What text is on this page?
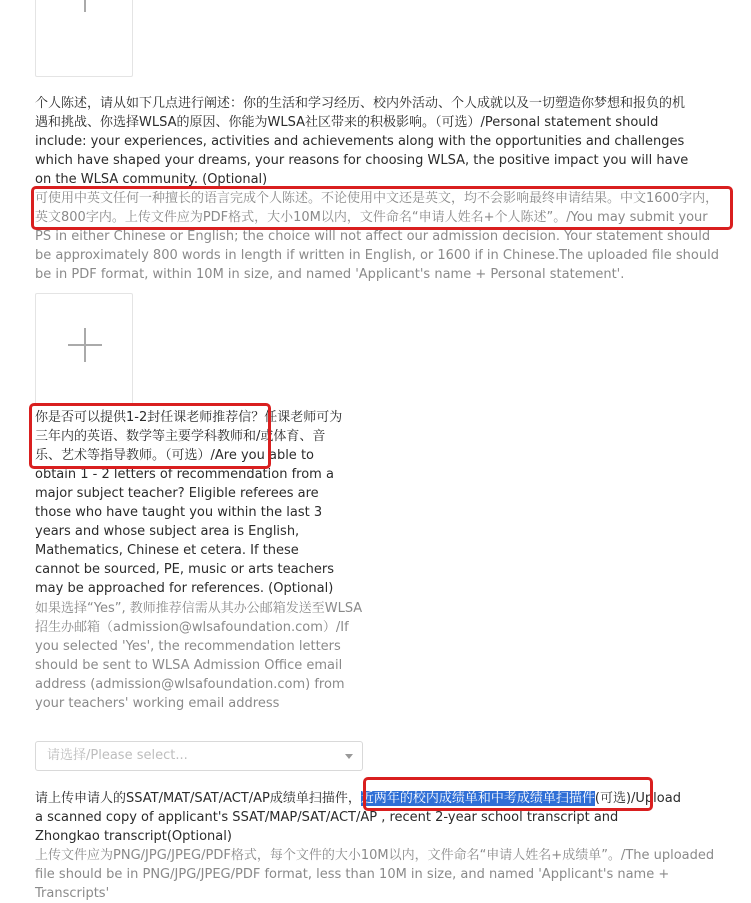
个人陈述，请从如下几点进行阐述：你的生活和学习经历、校内外活动、个人成就以及一切塑造你梦想和报负的机遇和挑战、你选择WLSA的原因、你能为WLSA社区带来的积极影响。（可选）/Personal statement should include: your experiences, activities and achievements along with the opportunities and challenges which have shaped your dreams, your reasons for choosing WLSA, the positive impact you will have on the WLSA community. (Optional)
可使用中英文任何一种擅长的语言完成个人陈述。不论使用中文还是英文，均不会影响最终申请结果。中文1600字内，英文800字内。上传文件应为PDF格式，大小10M以内，文件命名“申请人姓名+个人陈述”。/You may submit your PS in either Chinese or English; the choice will not affect our admission decision. Your statement should be approximately 800 words in length if written in English, or 1600 if in Chinese.The uploaded file should be in PDF format, within 10M in size, and named 'Applicant's name + Personal statement'.
你是否可以提供1-2封任课老师推荐信？任课老师可为三年内的英语、数学等主要学科教师和/或体育、音乐、艺术等指导教师。（可选）/Are you able to obtain 1 - 2 letters of recommendation from a major subject teacher? Eligible referees are those who have taught you within the last 3 years and whose subject area is English, Mathematics, Chinese et cetera. If these cannot be sourced, PE, music or arts teachers may be approached for references. (Optional)
如果选择“Yes”, 教师推荐信需从其办公邮箱发送至WLSA招生办邮箱（admission@wlsafoundation.com）/If you selected 'Yes', the recommendation letters should be sent to WLSA Admission Office email address (admission@wlsafoundation.com) from your teachers' working email address
请选择/Please select...
请上传申请人的SSAT/MAT/SAT/ACT/AP成绩单扫描件，近两年的校内成绩单和中考成绩单扫描件(可选)/Upload a scanned copy of applicant's SSAT/MAP/SAT/ACT/AP , recent 2-year school transcript and Zhongkao transcript(Optional)
上传文件应为PNG/JPG/JPEG/PDF格式，每个文件的大小10M以内，文件命名“申请人姓名+成绩单”。/The uploaded file should be in PNG/JPG/JPEG/PDF format, less than 10M in size, and named 'Applicant's name + Transcripts'
